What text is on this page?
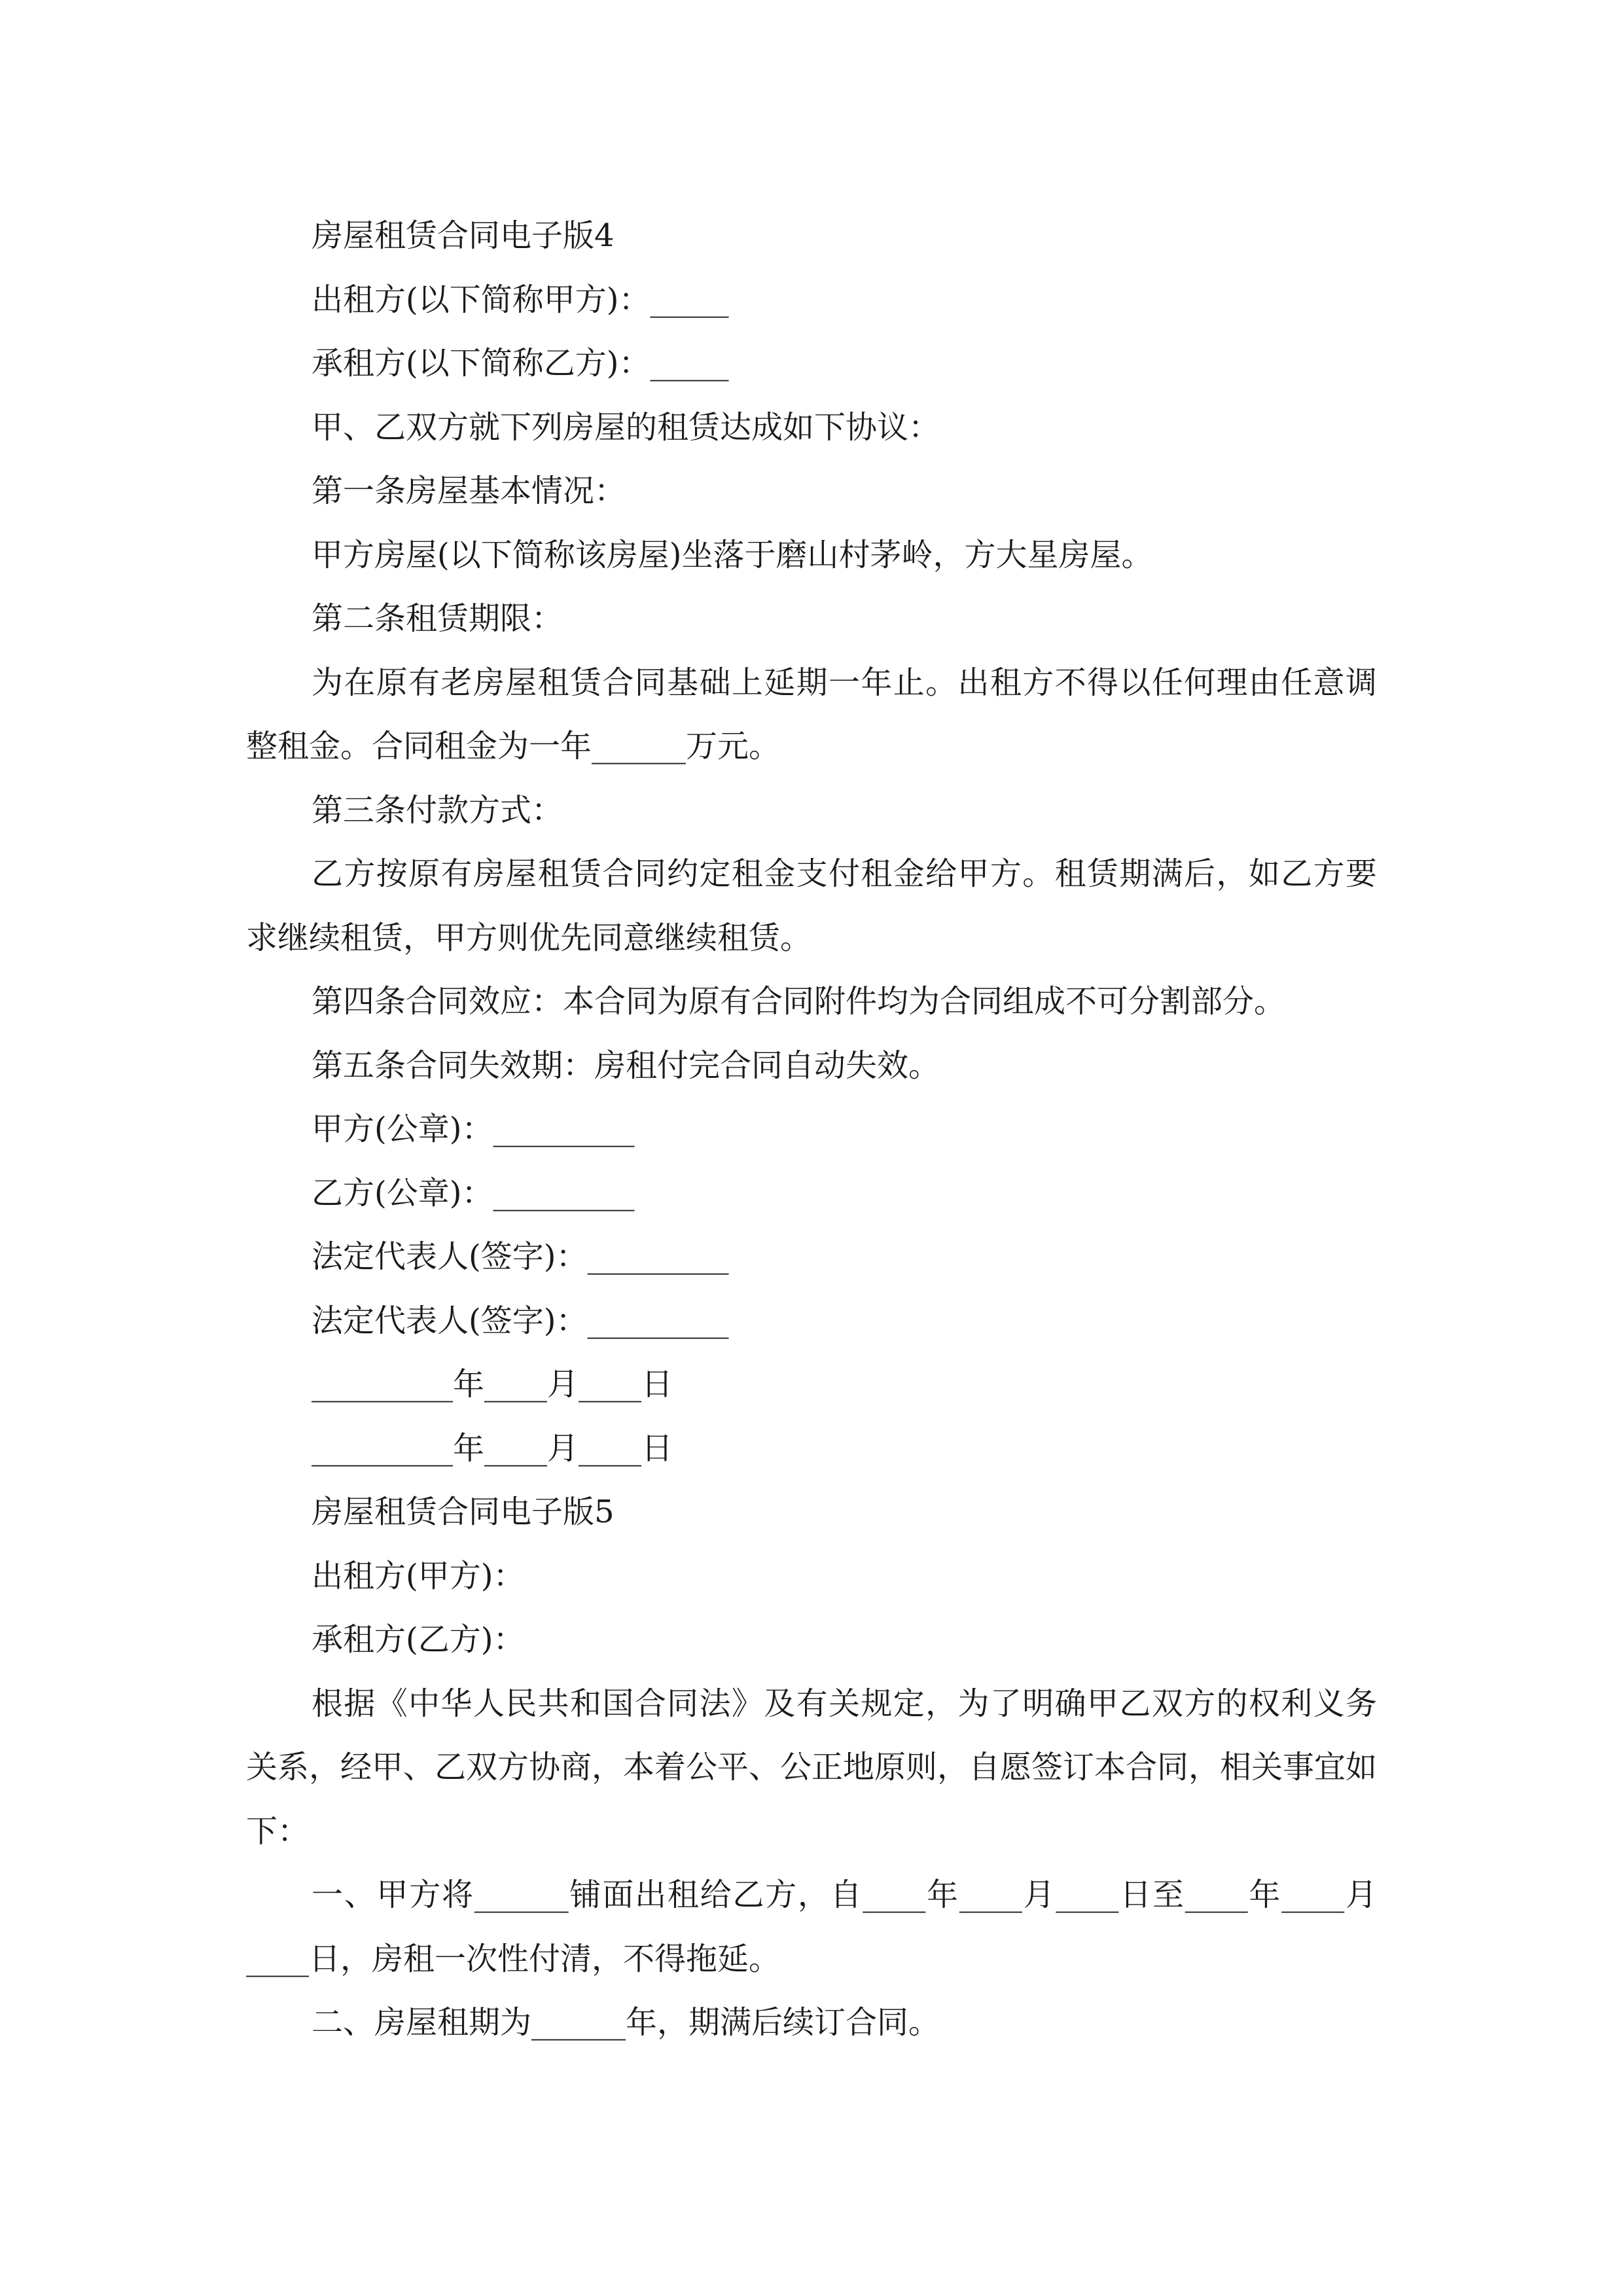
房屋租赁合同电子版4

出租方(以下简称甲方)：_____

承租方(以下简称乙方)：_____

甲、乙双方就下列房屋的租赁达成如下协议：

第一条房屋基本情况：

甲方房屋(以下简称该房屋)坐落于磨山村茅岭，方大星房屋。

第二条租赁期限：

为在原有老房屋租赁合同基础上延期一年止。出租方不得以任何理由任意调整租金。合同租金为一年______万元。

第三条付款方式：

乙方按原有房屋租赁合同约定租金支付租金给甲方。租赁期满后，如乙方要求继续租赁，甲方则优先同意继续租赁。

第四条合同效应：本合同为原有合同附件均为合同组成不可分割部分。

第五条合同失效期：房租付完合同自动失效。

甲方(公章)：_________

乙方(公章)：_________

法定代表人(签字)：_________

法定代表人(签字)：_________

_________年____月____日

_________年____月____日

房屋租赁合同电子版5

出租方(甲方)：

承租方(乙方)：

根据《中华人民共和国合同法》及有关规定，为了明确甲乙双方的权利义务关系，经甲、乙双方协商，本着公平、公正地原则，自愿签订本合同，相关事宜如下：

一、甲方将______铺面出租给乙方，自____年____月____日至____年____月____日，房租一次性付清，不得拖延。

二、房屋租期为______年，期满后续订合同。
